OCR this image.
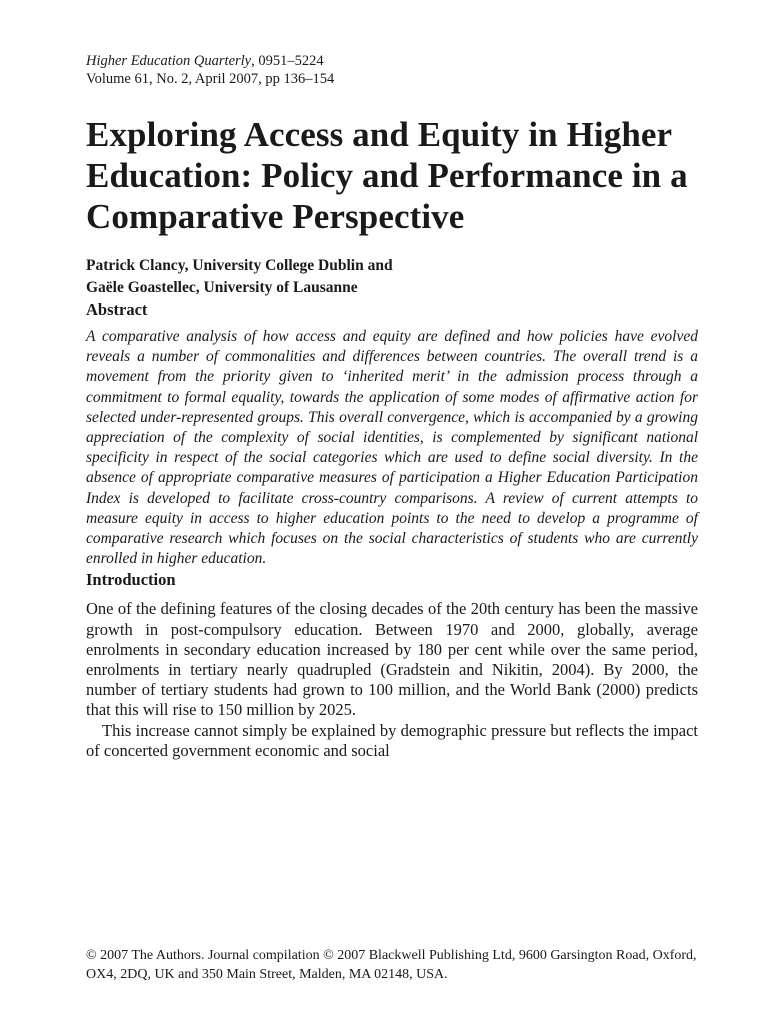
Higher Education Quarterly, 0951–5224
Volume 61, No. 2, April 2007, pp 136–154
Exploring Access and Equity in Higher Education: Policy and Performance in a Comparative Perspective
Patrick Clancy, University College Dublin and
Gaële Goastellec, University of Lausanne
Abstract

A comparative analysis of how access and equity are defined and how policies have evolved reveals a number of commonalities and differences between countries. The overall trend is a movement from the priority given to ‘inherited merit’ in the admission process through a commitment to formal equality, towards the application of some modes of affirmative action for selected under-represented groups. This overall convergence, which is accompanied by a growing appreciation of the complexity of social identities, is complemented by significant national specificity in respect of the social categories which are used to define social diversity. In the absence of appropriate comparative measures of participation a Higher Education Participation Index is developed to facilitate cross-country comparisons. A review of current attempts to measure equity in access to higher education points to the need to develop a programme of comparative research which focuses on the social characteristics of students who are currently enrolled in higher education.

Introduction

One of the defining features of the closing decades of the 20th century has been the massive growth in post-compulsory education. Between 1970 and 2000, globally, average enrolments in secondary education increased by 180 per cent while over the same period, enrolments in tertiary nearly quadrupled (Gradstein and Nikitin, 2004). By 2000, the number of tertiary students had grown to 100 million, and the World Bank (2000) predicts that this will rise to 150 million by 2025.

This increase cannot simply be explained by demographic pressure but reflects the impact of concerted government economic and social

© 2007 The Authors. Journal compilation © 2007 Blackwell Publishing Ltd, 9600 Garsington Road, Oxford, OX4, 2DQ, UK and 350 Main Street, Malden, MA 02148, USA.
